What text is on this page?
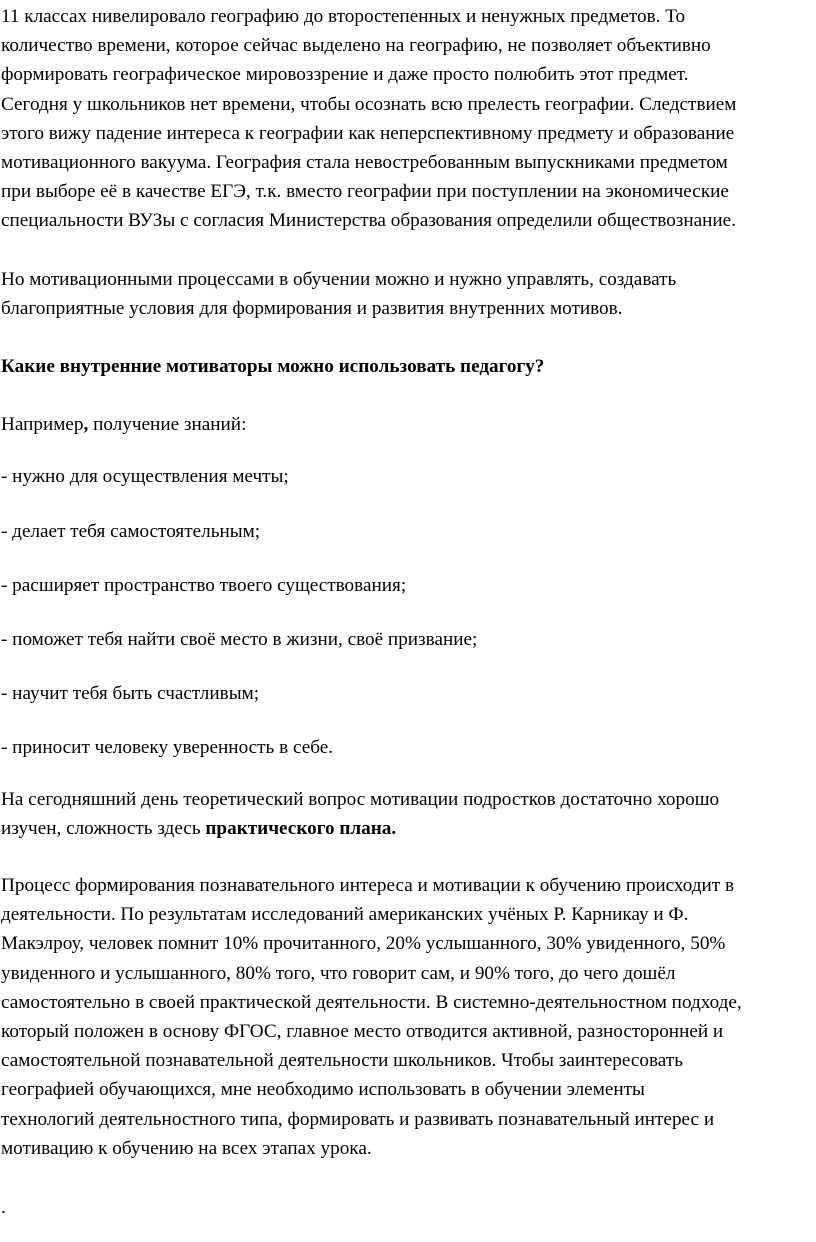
11 классах нивелировало географию до второстепенных и ненужных предметов. То
количество времени, которое сейчас выделено на географию, не позволяет объективно
формировать географическое мировоззрение и даже просто полюбить этот предмет.
Сегодня у школьников нет времени, чтобы осознать всю прелесть географии. Следствием
этого вижу падение интереса к географии как неперспективному предмету и образование
мотивационного вакуума. География стала невостребованным выпускниками предметом
при выборе её в качестве ЕГЭ, т.к. вместо географии при поступлении на экономические
специальности ВУЗы с согласия Министерства образования определили обществознание.
Но мотивационными процессами в обучении можно и нужно управлять, создавать
благоприятные условия для формирования и развития внутренних мотивов.
Какие внутренние мотиваторы можно использовать педагогу?
Например, получение знаний:
- нужно для осуществления мечты;
- делает тебя самостоятельным;
- расширяет пространство твоего существования;
- поможет тебя найти своё место в жизни, своё призвание;
- научит тебя быть счастливым;
- приносит человеку уверенность в себе.
На сегодняшний день теоретический вопрос мотивации подростков достаточно хорошо
изучен, сложность здесь практического плана.
Процесс формирования познавательного интереса и мотивации к обучению происходит в
деятельности. По результатам исследований американских учёных Р. Карникау и Ф.
Макэлроу, человек помнит 10% прочитанного, 20% услышанного, 30% увиденного, 50%
увиденного и услышанного, 80% того, что говорит сам, и 90% того, до чего дошёл
самостоятельно в своей практической деятельности. В системно-деятельностном подходе,
который положен в основу ФГОС, главное место отводится активной, разносторонней и
самостоятельной познавательной деятельности школьников. Чтобы заинтересовать
географией обучающихся, мне необходимо использовать в обучении элементы
технологий деятельностного типа, формировать и развивать познавательный интерес и
мотивацию к обучению на всех этапах урока.
.
